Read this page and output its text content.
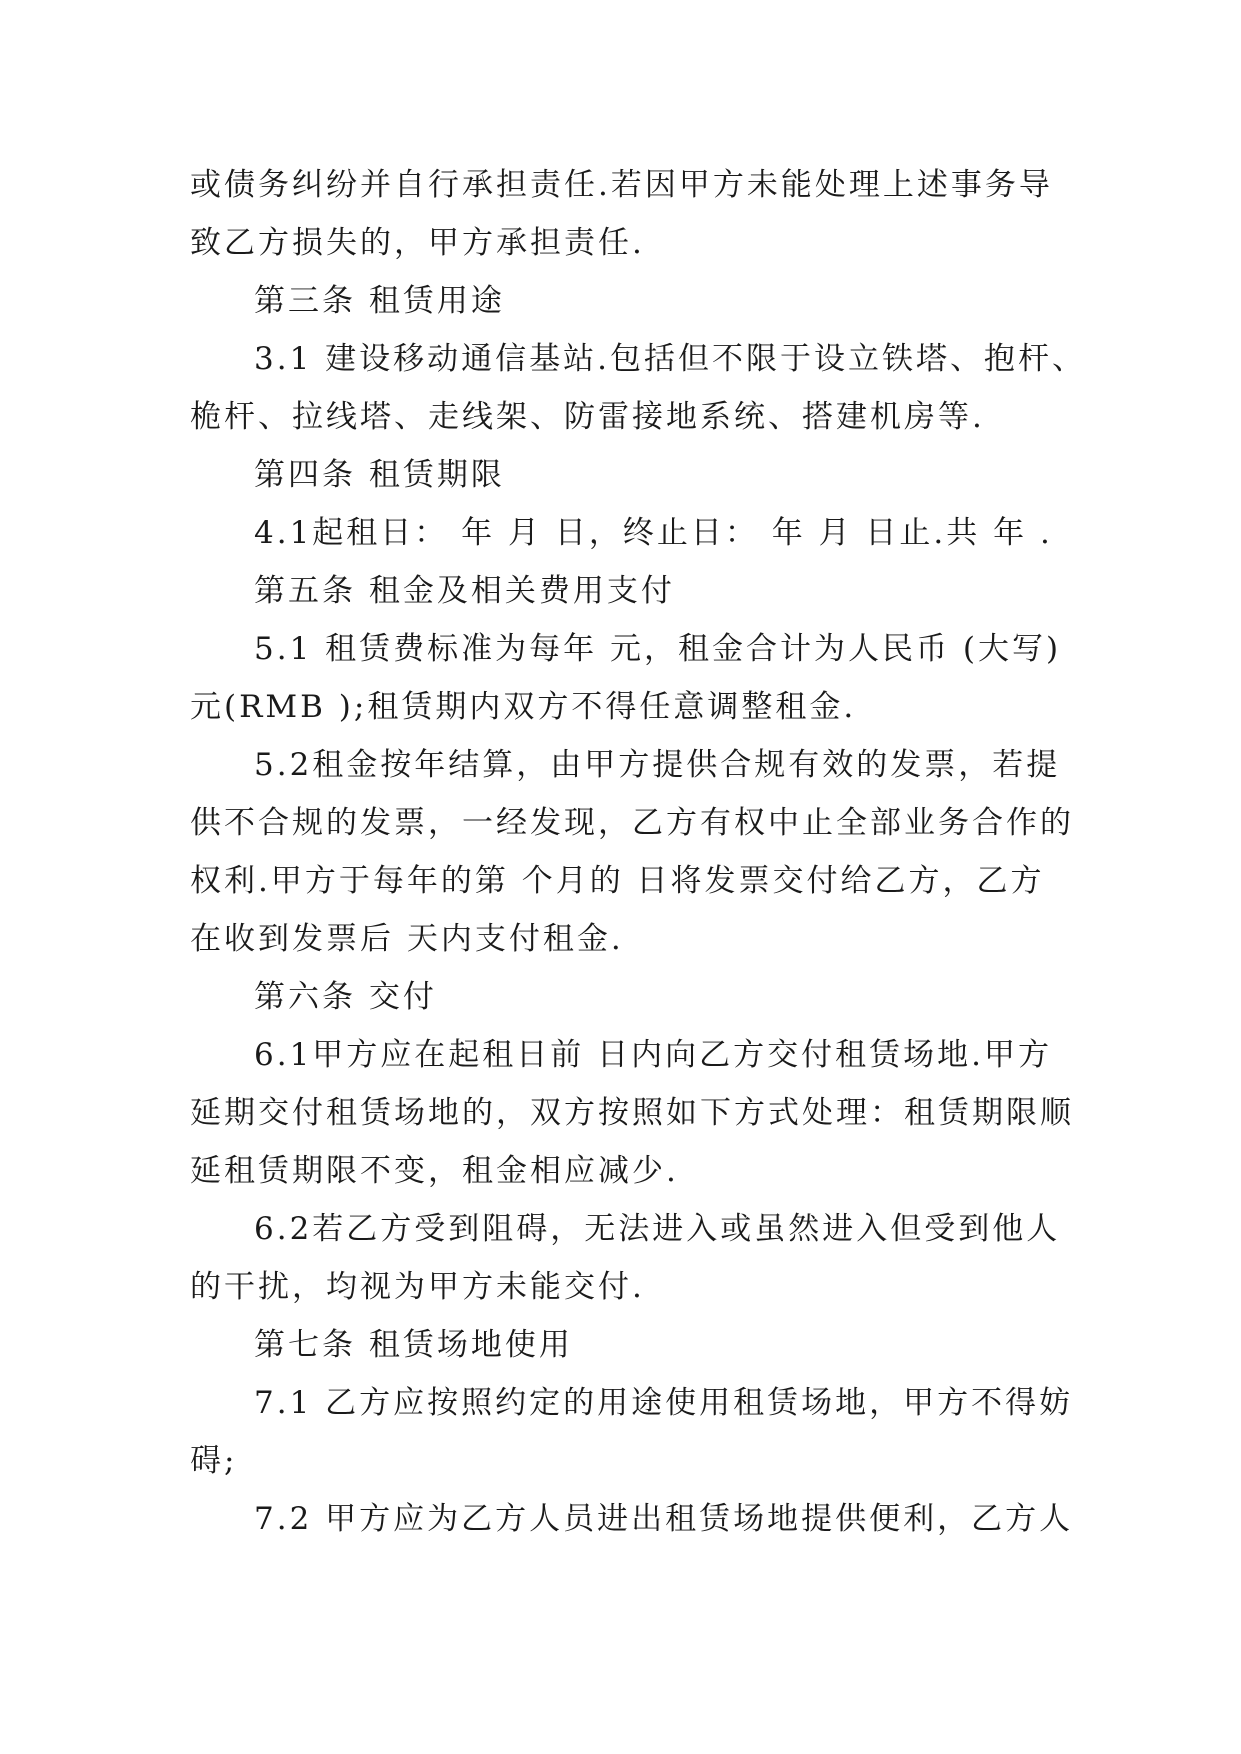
或债务纠纷并自行承担责任.若因甲方未能处理上述事务导
致乙方损失的，甲方承担责任.

第三条 租赁用途

3.1 建设移动通信基站.包括但不限于设立铁塔、抱杆、
桅杆、拉线塔、走线架、防雷接地系统、搭建机房等.

第四条 租赁期限

4.1起租日： 年 月 日，终止日： 年 月 日止.共 年 .

第五条 租金及相关费用支付

5.1 租赁费标准为每年 元，租金合计为人民币 (大写)
元(RMB );租赁期内双方不得任意调整租金.

5.2租金按年结算，由甲方提供合规有效的发票，若提
供不合规的发票，一经发现，乙方有权中止全部业务合作的
权利.甲方于每年的第 个月的 日将发票交付给乙方，乙方
在收到发票后 天内支付租金.

第六条 交付

6.1甲方应在起租日前 日内向乙方交付租赁场地.甲方
延期交付租赁场地的，双方按照如下方式处理：租赁期限顺
延租赁期限不变，租金相应减少.

6.2若乙方受到阻碍，无法进入或虽然进入但受到他人
的干扰，均视为甲方未能交付.

第七条 租赁场地使用

7.1 乙方应按照约定的用途使用租赁场地，甲方不得妨
碍;

7.2 甲方应为乙方人员进出租赁场地提供便利，乙方人
